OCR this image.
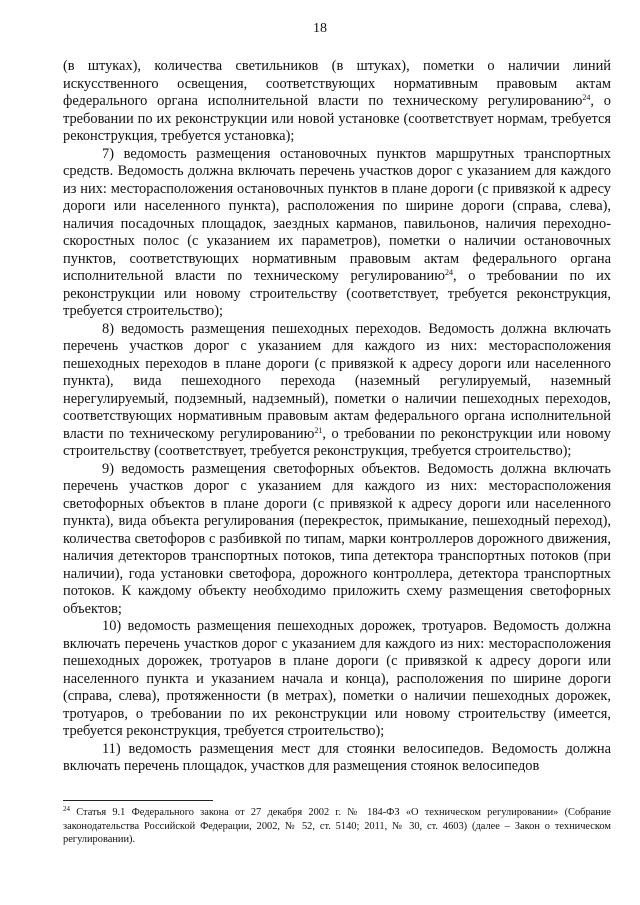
18

(в штуках), количества светильников (в штуках), пометки о наличии линий искусственного освещения, соответствующих нормативным правовым актам федерального органа исполнительной власти по техническому регулированию$^{24}$, о требовании по их реконструкции или новой установке (соответствует нормам, требуется реконструкция, требуется установка);

7) ведомость размещения остановочных пунктов маршрутных транспортных средств. Ведомость должна включать перечень участков дорог с указанием для каждого из них: месторасположения остановочных пунктов в плане дороги (с привязкой к адресу дороги или населенного пункта), расположения по ширине дороги (справа, слева), наличия посадочных площадок, заездных карманов, павильонов, наличия переходно-скоростных полос (с указанием их параметров), пометки о наличии остановочных пунктов, соответствующих нормативным правовым актам федерального органа исполнительной власти по техническому регулированию$^{24}$, о требовании по их реконструкции или новому строительству (соответствует, требуется реконструкция, требуется строительство);

8) ведомость размещения пешеходных переходов. Ведомость должна включать перечень участков дорог с указанием для каждого из них: месторасположения пешеходных переходов в плане дороги (с привязкой к адресу дороги или населенного пункта), вида пешеходного перехода (наземный регулируемый, наземный нерегулируемый, подземный, надземный), пометки о наличии пешеходных переходов, соответствующих нормативным правовым актам федерального органа исполнительной власти по техническому регулированию$^{21}$, о требовании по реконструкции или новому строительству (соответствует, требуется реконструкция, требуется строительство);

9) ведомость размещения светофорных объектов. Ведомость должна включать перечень участков дорог с указанием для каждого из них: месторасположения светофорных объектов в плане дороги (с привязкой к адресу дороги или населенного пункта), вида объекта регулирования (перекресток, примыкание, пешеходный переход), количества светофоров с разбивкой по типам, марки контроллеров дорожного движения, наличия детекторов транспортных потоков, типа детектора транспортных потоков (при наличии), года установки светофора, дорожного контроллера, детектора транспортных потоков. К каждому объекту необходимо приложить схему размещения светофорных объектов;

10) ведомость размещения пешеходных дорожек, тротуаров. Ведомость должна включать перечень участков дорог с указанием для каждого из них: месторасположения пешеходных дорожек, тротуаров в плане дороги (с привязкой к адресу дороги или населенного пункта и указанием начала и конца), расположения по ширине дороги (справа, слева), протяженности (в метрах), пометки о наличии пешеходных дорожек, тротуаров, о требовании по их реконструкции или новому строительству (имеется, требуется реконструкция, требуется строительство);

11) ведомость размещения мест для стоянки велосипедов. Ведомость должна включать перечень площадок, участков для размещения стоянок велосипедов

$^{24}$ Статья 9.1 Федерального закона от 27 декабря 2002 г. № 184-ФЗ «О техническом регулировании» (Собрание законодательства Российской Федерации, 2002, № 52, ст. 5140; 2011, № 30, ст. 4603) (далее – Закон о техническом регулировании).
